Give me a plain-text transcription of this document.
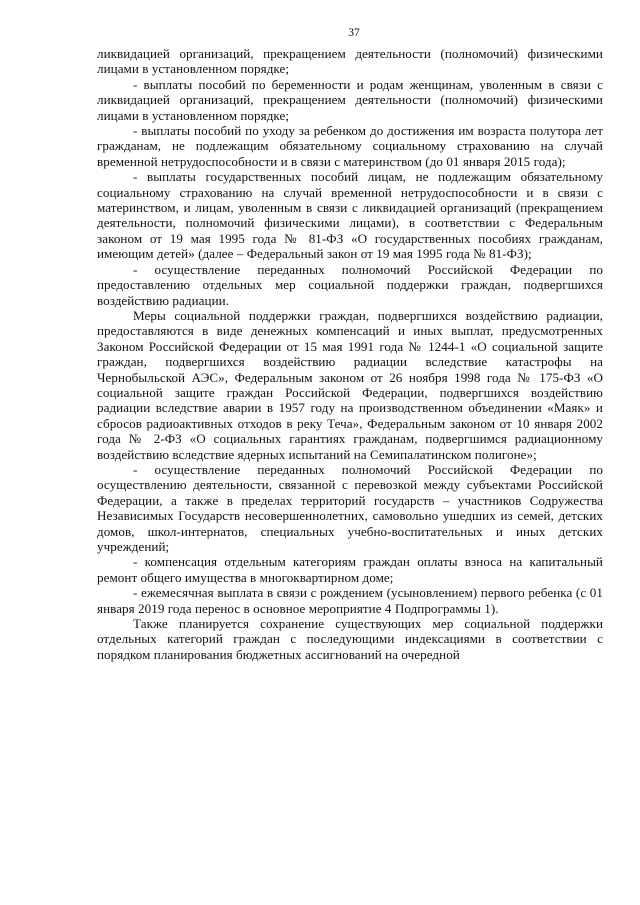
37

ликвидацией организаций, прекращением деятельности (полномочий) физическими лицами в установленном порядке;

- выплаты пособий по беременности и родам женщинам, уволенным в связи с ликвидацией организаций, прекращением деятельности (полномочий) физическими лицами в установленном порядке;

- выплаты пособий по уходу за ребенком до достижения им возраста полутора лет гражданам, не подлежащим обязательному социальному страхованию на случай временной нетрудоспособности и в связи с материнством (до 01 января 2015 года);

- выплаты государственных пособий лицам, не подлежащим обязательному социальному страхованию на случай временной нетрудоспособности и в связи с материнством, и лицам, уволенным в связи с ликвидацией организаций (прекращением деятельности, полномочий физическими лицами), в соответствии с Федеральным законом от 19 мая 1995 года № 81-ФЗ «О государственных пособиях гражданам, имеющим детей» (далее – Федеральный закон от 19 мая 1995 года № 81-ФЗ);

- осуществление переданных полномочий Российской Федерации по предоставлению отдельных мер социальной поддержки граждан, подвергшихся воздействию радиации.

Меры социальной поддержки граждан, подвергшихся воздействию радиации, предоставляются в виде денежных компенсаций и иных выплат, предусмотренных Законом Российской Федерации от 15 мая 1991 года № 1244-1 «О социальной защите граждан, подвергшихся воздействию радиации вследствие катастрофы на Чернобыльской АЭС», Федеральным законом от 26 ноября 1998 года № 175-ФЗ «О социальной защите граждан Российской Федерации, подвергшихся воздействию радиации вследствие аварии в 1957 году на производственном объединении «Маяк» и сбросов радиоактивных отходов в реку Теча», Федеральным законом от 10 января 2002 года № 2-ФЗ «О социальных гарантиях гражданам, подвергшимся радиационному воздействию вследствие ядерных испытаний на Семипалатинском полигоне»;

- осуществление переданных полномочий Российской Федерации по осуществлению деятельности, связанной с перевозкой между субъектами Российской Федерации, а также в пределах территорий государств – участников Содружества Независимых Государств несовершеннолетних, самовольно ушедших из семей, детских домов, школ-интернатов, специальных учебно-воспитательных и иных детских учреждений;

- компенсация отдельным категориям граждан оплаты взноса на капитальный ремонт общего имущества в многоквартирном доме;

- ежемесячная выплата в связи с рождением (усыновлением) первого ребенка (с 01 января 2019 года перенос в основное мероприятие 4 Подпрограммы 1).

Также планируется сохранение существующих мер социальной поддержки отдельных категорий граждан с последующими индексациями в соответствии с порядком планирования бюджетных ассигнований на очередной
